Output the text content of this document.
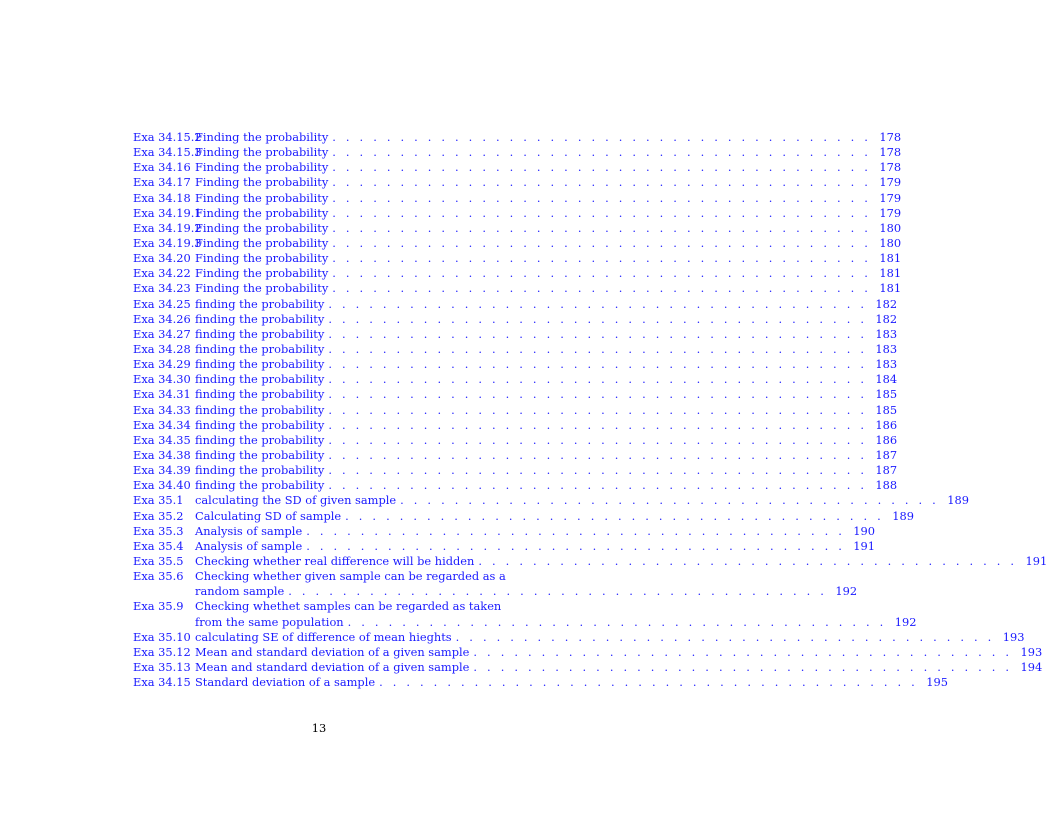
Exa 34.15.2
Finding the probability . . . . . . . . . . . . . . . . . . . . . . . . . . . . . . . . . . . . . . . . 178
Exa 34.15.3
Finding the probability . . . . . . . . . . . . . . . . . . . . . . . . . . . . . . . . . . . . . . . . 178
Exa 34.16 Finding the probability . . . . . . . . . . . . . . . . . . . . . . . . . . . . . . . . . . . . . . . . 178
Exa 34.17 Finding the probability . . . . . . . . . . . . . . . . . . . . . . . . . . . . . . . . . . . . . . . . 179
Exa 34.18 Finding the probability . . . . . . . . . . . . . . . . . . . . . . . . . . . . . . . . . . . . . . . . 179
Exa 34.19.1
Finding the probability . . . . . . . . . . . . . . . . . . . . . . . . . . . . . . . . . . . . . . . . 179
Exa 34.19.2
Finding the probability . . . . . . . . . . . . . . . . . . . . . . . . . . . . . . . . . . . . . . . . 180
Exa 34.19.3
Finding the probability . . . . . . . . . . . . . . . . . . . . . . . . . . . . . . . . . . . . . . . . 180
Exa 34.20 Finding the probability . . . . . . . . . . . . . . . . . . . . . . . . . . . . . . . . . . . . . . . . 181
Exa 34.22 Finding the probability . . . . . . . . . . . . . . . . . . . . . . . . . . . . . . . . . . . . . . . . 181
Exa 34.23 Finding the probability . . . . . . . . . . . . . . . . . . . . . . . . . . . . . . . . . . . . . . . . 181
Exa 34.25 finding the probability . . . . . . . . . . . . . . . . . . . . . . . . . . . . . . . . . . . . . . . . 182
Exa 34.26 finding the probability . . . . . . . . . . . . . . . . . . . . . . . . . . . . . . . . . . . . . . . . 182
Exa 34.27 finding the probability . . . . . . . . . . . . . . . . . . . . . . . . . . . . . . . . . . . . . . . . 183
Exa 34.28 finding the probability . . . . . . . . . . . . . . . . . . . . . . . . . . . . . . . . . . . . . . . . 183
Exa 34.29 finding the probability . . . . . . . . . . . . . . . . . . . . . . . . . . . . . . . . . . . . . . . . 183
Exa 34.30 finding the probability . . . . . . . . . . . . . . . . . . . . . . . . . . . . . . . . . . . . . . . . 184
Exa 34.31 finding the probability . . . . . . . . . . . . . . . . . . . . . . . . . . . . . . . . . . . . . . . . 185
Exa 34.33 finding the probability . . . . . . . . . . . . . . . . . . . . . . . . . . . . . . . . . . . . . . . . 185
Exa 34.34 finding the probability . . . . . . . . . . . . . . . . . . . . . . . . . . . . . . . . . . . . . . . . 186
Exa 34.35 finding the probability . . . . . . . . . . . . . . . . . . . . . . . . . . . . . . . . . . . . . . . . 186
Exa 34.38 finding the probability . . . . . . . . . . . . . . . . . . . . . . . . . . . . . . . . . . . . . . . . 187
Exa 34.39 finding the probability . . . . . . . . . . . . . . . . . . . . . . . . . . . . . . . . . . . . . . . . 187
Exa 34.40 finding the probability . . . . . . . . . . . . . . . . . . . . . . . . . . . . . . . . . . . . . . . . 188
Exa 35.1 calculating the SD of given sample . . . . . . . . . . . . . . . . . . . . . . . . . . . . . . . . . . . . . . . . 189
Exa 35.2 Calculating SD of sample . . . . . . . . . . . . . . . . . . . . . . . . . . . . . . . . . . . . . . . . 189
Exa 35.3 Analysis of sample . . . . . . . . . . . . . . . . . . . . . . . . . . . . . . . . . . . . . . . . 190
Exa 35.4 Analysis of sample . . . . . . . . . . . . . . . . . . . . . . . . . . . . . . . . . . . . . . . . 191
Exa 35.5 Checking whether real difference will be hidden . . . . . . . . . . . . . . . . . . . . . . . . . . . . . . . . . . . . . . . . 191
Exa 35.6 Checking whether given sample can be regarded as a
random sample . . . . . . . . . . . . . . . . . . . . . . . . . . . . . . . . . . . . . . . . 192
Exa 35.9 Checking whethet samples can be regarded as taken
from the same population . . . . . . . . . . . . . . . . . . . . . . . . . . . . . . . . . . . . . . . . 192
Exa 35.10 calculating SE of difference of mean hieghts . . . . . . . . . . . . . . . . . . . . . . . . . . . . . . . . . . . . . . . . 193
Exa 35.12 Mean and standard deviation of a given sample . . . . . . . . . . . . . . . . . . . . . . . . . . . . . . . . . . . . . . . . 193
Exa 35.13 Mean and standard deviation of a given sample . . . . . . . . . . . . . . . . . . . . . . . . . . . . . . . . . . . . . . . . 194
Exa 34.15 Standard deviation of a sample . . . . . . . . . . . . . . . . . . . . . . . . . . . . . . . . . . . . . . . . 195
13
